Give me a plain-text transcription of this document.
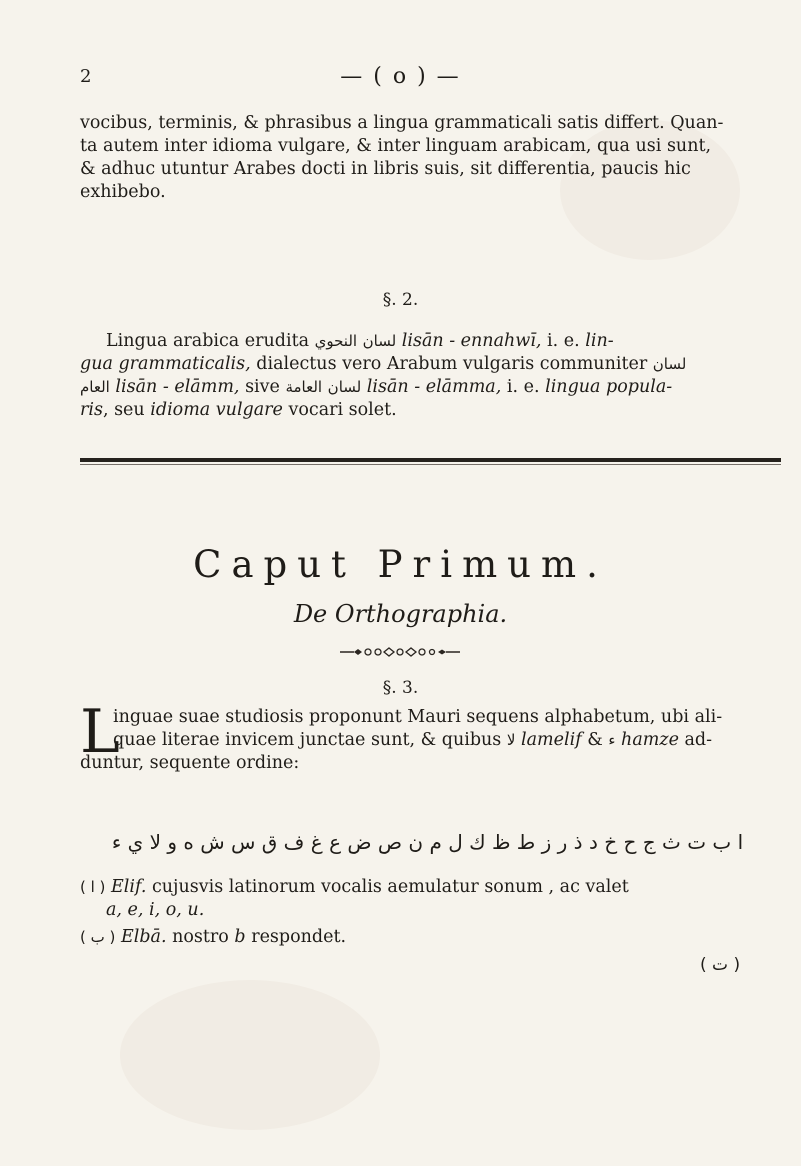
2	— ( o ) —

vocibus, terminis, & phrasibus a lingua grammaticali satis differt. Quan-
ta autem inter idioma vulgare, & inter linguam arabicam, qua usi sunt,
& adhuc utuntur Arabes docti in libris suis, sit differentia, paucis hic
exhibebo.

§. 2.

Lingua arabica erudita النحوي لسان lisān - ennahwī, i. e. lin-
gua grammaticalis, dialectus vero Arabum vulgaris communiter لسان
العام lisān - elāmm, sive العامة لسان lisān - elāmma, i. e. lingua popula-
ris, seu idioma vulgare vocari solet.

Caput Primum.
De Orthographia.
§. 3.
L

inguae suae studiosis proponunt Mauri sequens alphabetum, ubi ali-
quae literae invicem junctae sunt, & quibus لا lamelif & ء hamze ad-
duntur, sequente ordine:

ا ب ت ث ج ح خ د ذ ر ز ط ظ ك ل م ن ص ض ع غ ف ق س ش ه و لا ي ء
( ا ) Elif. cujusvis latinorum vocalis aemulatur sonum , ac valet
a, e, i, o, u.
( ب ) Elbā. nostro b respondet.
( ت )
